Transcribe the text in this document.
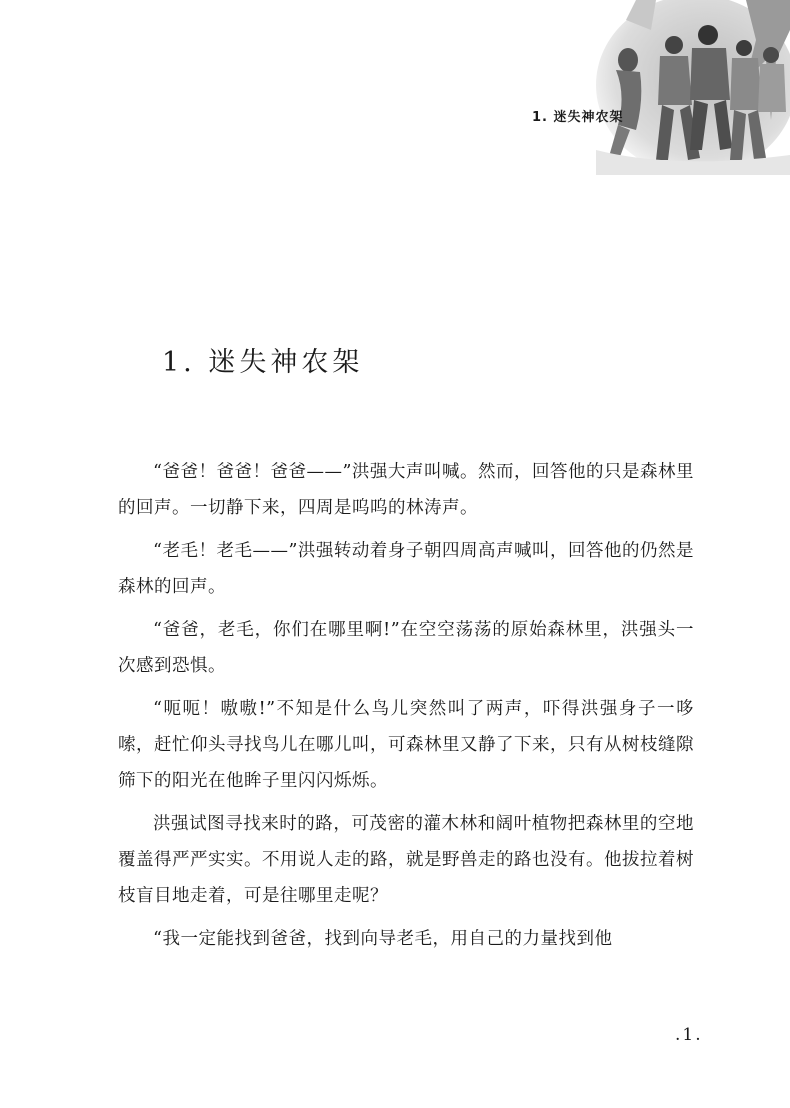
1. 迷失神农架
1. 迷失神农架

“爸爸！爸爸！爸爸——”洪强大声叫喊。然而，回答他的只是森林里的回声。一切静下来，四周是呜呜的林涛声。

“老毛！老毛——”洪强转动着身子朝四周高声喊叫，回答他的仍然是森林的回声。

“爸爸，老毛，你们在哪里啊!”在空空荡荡的原始森林里，洪强头一次感到恐惧。

“呃呃！嗷嗷!”不知是什么鸟儿突然叫了两声，吓得洪强身子一哆嗦，赶忙仰头寻找鸟儿在哪儿叫，可森林里又静了下来，只有从树枝缝隙筛下的阳光在他眸子里闪闪烁烁。

洪强试图寻找来时的路，可茂密的灌木林和阔叶植物把森林里的空地覆盖得严严实实。不用说人走的路，就是野兽走的路也没有。他拔拉着树枝盲目地走着，可是往哪里走呢？

“我一定能找到爸爸，找到向导老毛，用自己的力量找到他

.1.
